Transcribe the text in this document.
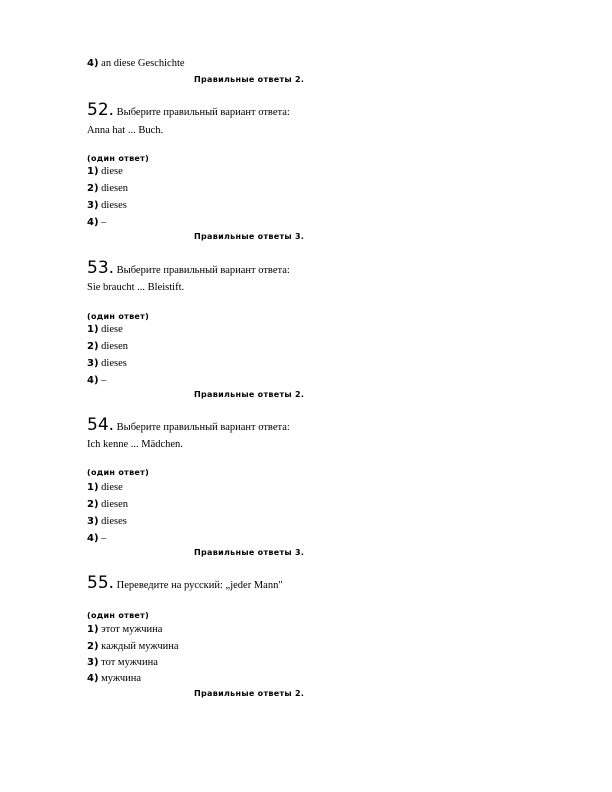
4) an diese Geschichte
Правильные ответы 2.
52. Выберите правильный вариант ответа:
Anna hat ... Buch.
(один ответ)
1) diese
2) diesen
3) dieses
4) –
Правильные ответы 3.
53. Выберите правильный вариант ответа:
Sie braucht ... Bleistift.
(один ответ)
1) diese
2) diesen
3) dieses
4) –
Правильные ответы 2.
54. Выберите правильный вариант ответа:
Ich kenne ... Mädchen.
(один ответ)
1) diese
2) diesen
3) dieses
4) –
Правильные ответы 3.
55. Переведите на русский: „jeder Mann"
(один ответ)
1) этот мужчина
2) каждый мужчина
3) тот мужчина
4) мужчина
Правильные ответы 2.
